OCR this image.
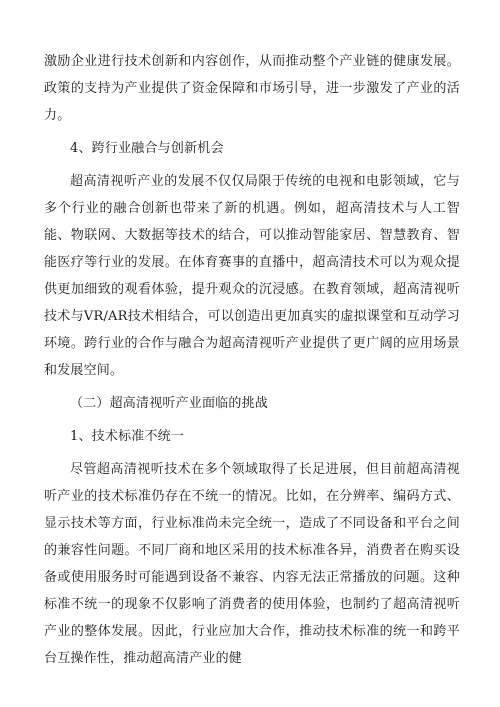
激励企业进行技术创新和内容创作，从而推动整个产业链的健康发展。政策的支持为产业提供了资金保障和市场引导，进一步激发了产业的活力。

4、跨行业融合与创新机会

超高清视听产业的发展不仅仅局限于传统的电视和电影领域，它与多个行业的融合创新也带来了新的机遇。例如，超高清技术与人工智能、物联网、大数据等技术的结合，可以推动智能家居、智慧教育、智能医疗等行业的发展。在体育赛事的直播中，超高清技术可以为观众提供更加细致的观看体验，提升观众的沉浸感。在教育领域，超高清视听技术与VR/AR技术相结合，可以创造出更加真实的虚拟课堂和互动学习环境。跨行业的合作与融合为超高清视听产业提供了更广阔的应用场景和发展空间。

（二）超高清视听产业面临的挑战

1、技术标准不统一

尽管超高清视听技术在多个领域取得了长足进展，但目前超高清视听产业的技术标准仍存在不统一的情况。比如，在分辨率、编码方式、显示技术等方面，行业标准尚未完全统一，造成了不同设备和平台之间的兼容性问题。不同厂商和地区采用的技术标准各异，消费者在购买设备或使用服务时可能遇到设备不兼容、内容无法正常播放的问题。这种标准不统一的现象不仅影响了消费者的使用体验，也制约了超高清视听产业的整体发展。因此，行业应加大合作，推动技术标准的统一和跨平台互操作性，推动超高清产业的健
